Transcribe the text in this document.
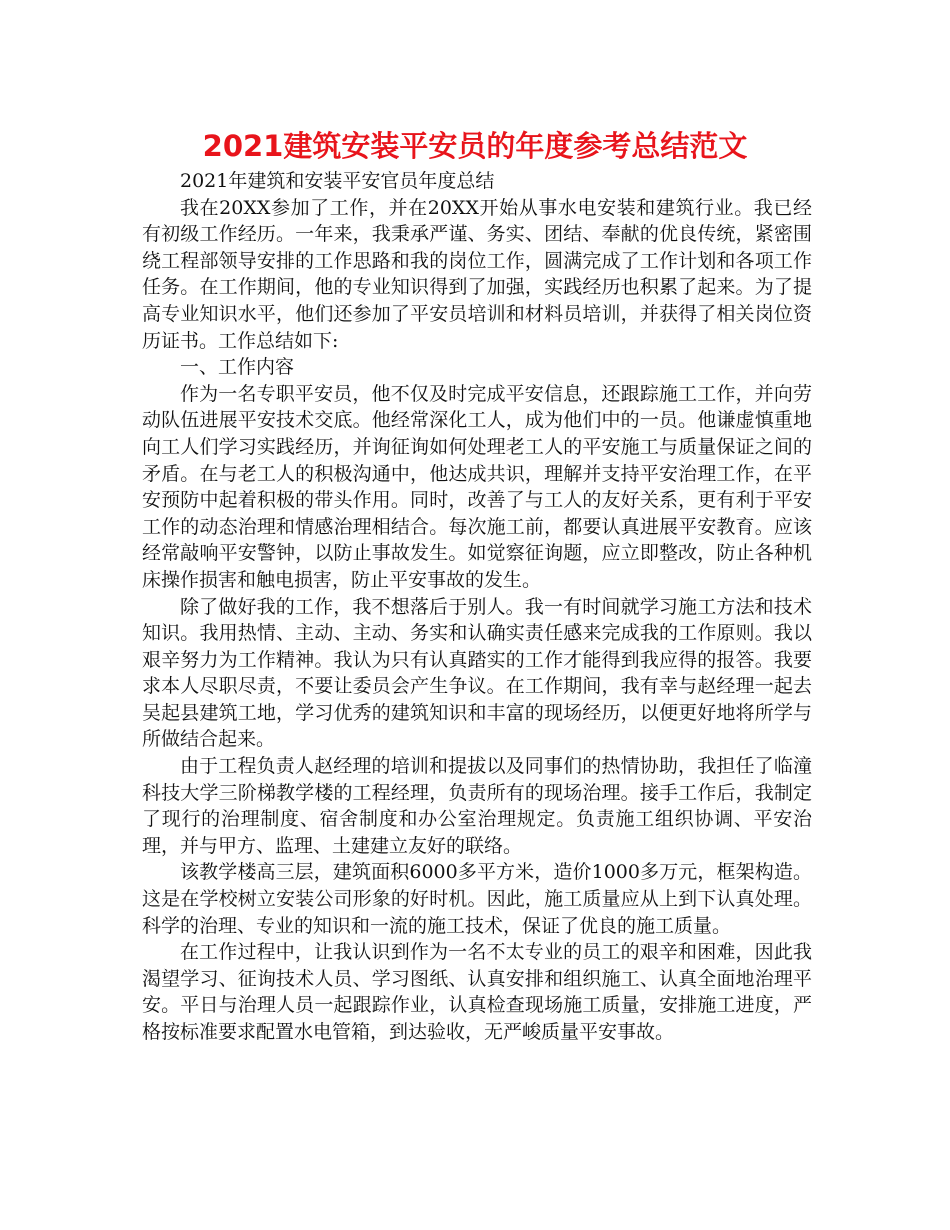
2021建筑安装平安员的年度参考总结范文

2021年建筑和安装平安官员年度总结

我在20XX参加了工作，并在20XX开始从事水电安装和建筑行业。我已经有初级工作经历。一年来，我秉承严谨、务实、团结、奉献的优良传统，紧密围绕工程部领导安排的工作思路和我的岗位工作，圆满完成了工作计划和各项工作任务。在工作期间，他的专业知识得到了加强，实践经历也积累了起来。为了提高专业知识水平，他们还参加了平安员培训和材料员培训，并获得了相关岗位资历证书。工作总结如下:

一、工作内容

作为一名专职平安员，他不仅及时完成平安信息，还跟踪施工工作，并向劳动队伍进展平安技术交底。他经常深化工人，成为他们中的一员。他谦虚慎重地向工人们学习实践经历，并询征询如何处理老工人的平安施工与质量保证之间的矛盾。在与老工人的积极沟通中，他达成共识，理解并支持平安治理工作，在平安预防中起着积极的带头作用。同时，改善了与工人的友好关系，更有利于平安工作的动态治理和情感治理相结合。每次施工前，都要认真进展平安教育。应该经常敲响平安警钟，以防止事故发生。如觉察征询题，应立即整改，防止各种机床操作损害和触电损害，防止平安事故的发生。

除了做好我的工作，我不想落后于别人。我一有时间就学习施工方法和技术知识。我用热情、主动、主动、务实和认确实责任感来完成我的工作原则。我以艰辛努力为工作精神。我认为只有认真踏实的工作才能得到我应得的报答。我要求本人尽职尽责，不要让委员会产生争议。在工作期间，我有幸与赵经理一起去吴起县建筑工地，学习优秀的建筑知识和丰富的现场经历，以便更好地将所学与所做结合起来。

由于工程负责人赵经理的培训和提拔以及同事们的热情协助，我担任了临潼科技大学三阶梯教学楼的工程经理，负责所有的现场治理。接手工作后，我制定了现行的治理制度、宿舍制度和办公室治理规定。负责施工组织协调、平安治理，并与甲方、监理、土建建立友好的联络。

该教学楼高三层，建筑面积6000多平方米，造价1000多万元，框架构造。这是在学校树立安装公司形象的好时机。因此，施工质量应从上到下认真处理。科学的治理、专业的知识和一流的施工技术，保证了优良的施工质量。

在工作过程中，让我认识到作为一名不太专业的员工的艰辛和困难，因此我渴望学习、征询技术人员、学习图纸、认真安排和组织施工、认真全面地治理平安。平日与治理人员一起跟踪作业，认真检查现场施工质量，安排施工进度，严格按标准要求配置水电管箱，到达验收，无严峻质量平安事故。
